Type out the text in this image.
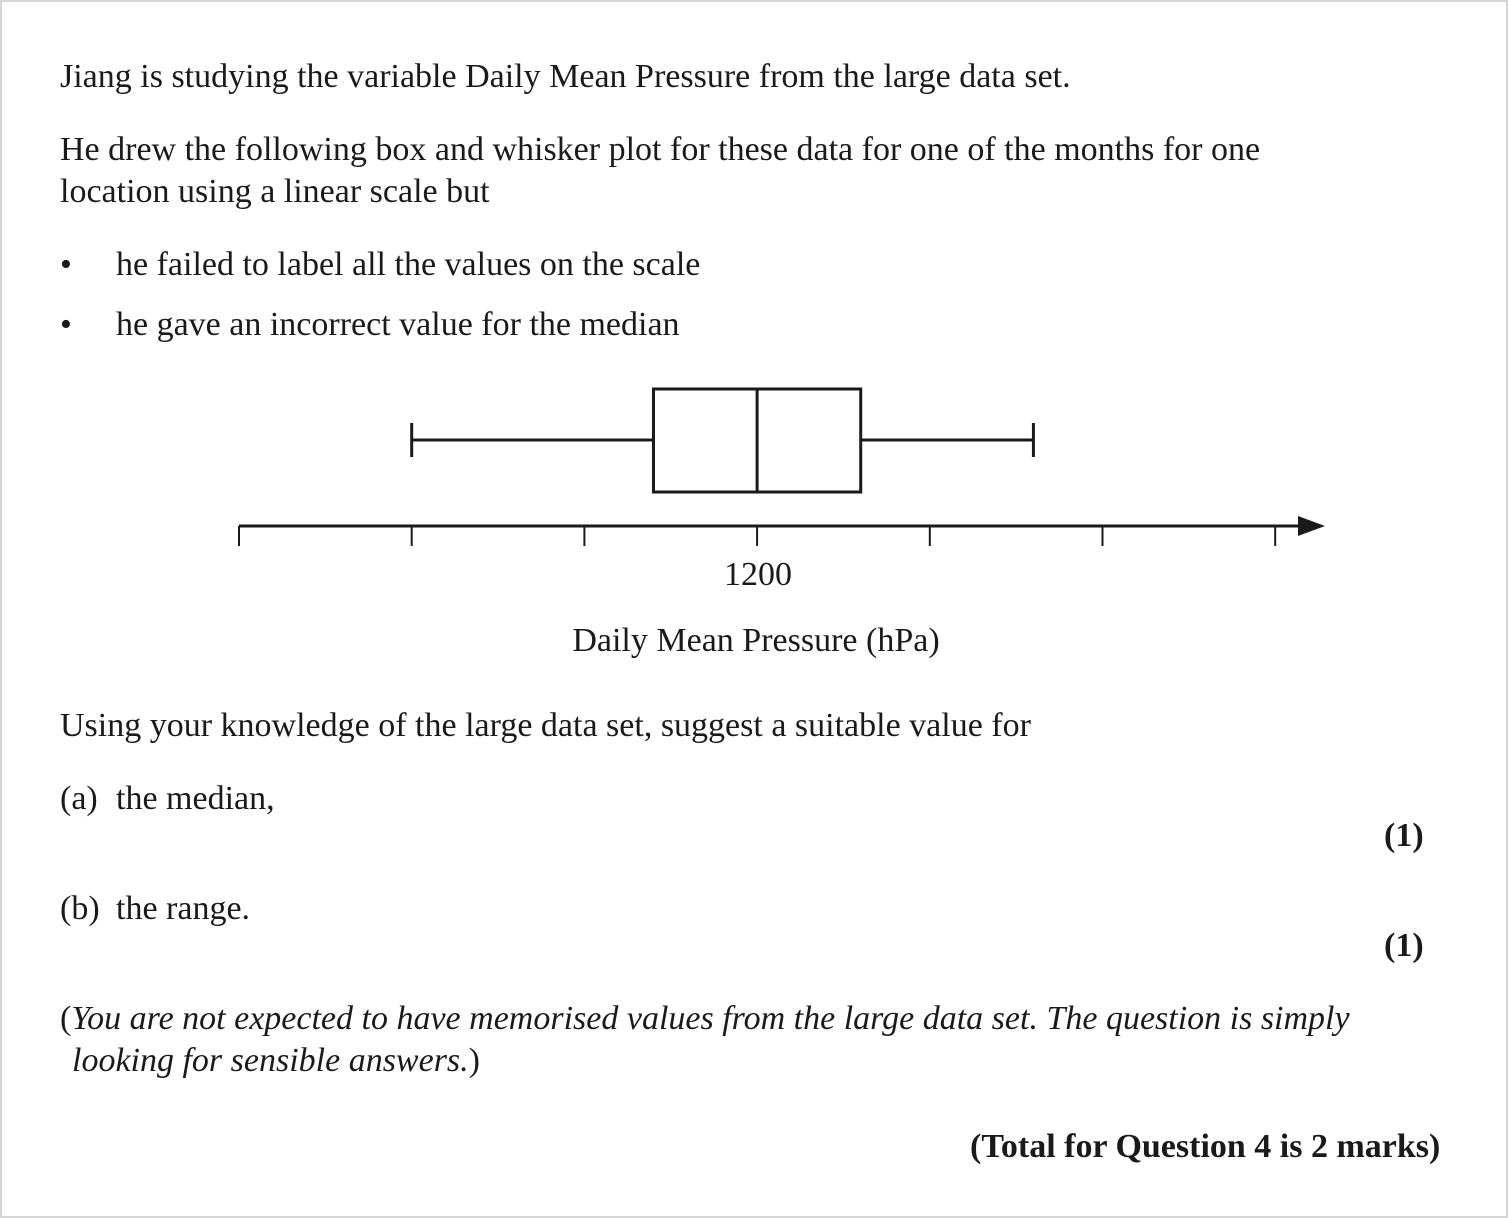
Jiang is studying the variable Daily Mean Pressure from the large data set.

He drew the following box and whisker plot for these data for one of the months for one

location using a linear scale but

• he failed to label all the values on the scale

• he gave an incorrect value for the median

1200
Daily Mean Pressure (hPa)

Using your knowledge of the large data set, suggest a suitable value for

(a) the median,

(1)

(b) the range.

(1)

(You are not expected to have memorised values from the large data set. The question is simply

looking for sensible answers.)

(Total for Question 4 is 2 marks)
